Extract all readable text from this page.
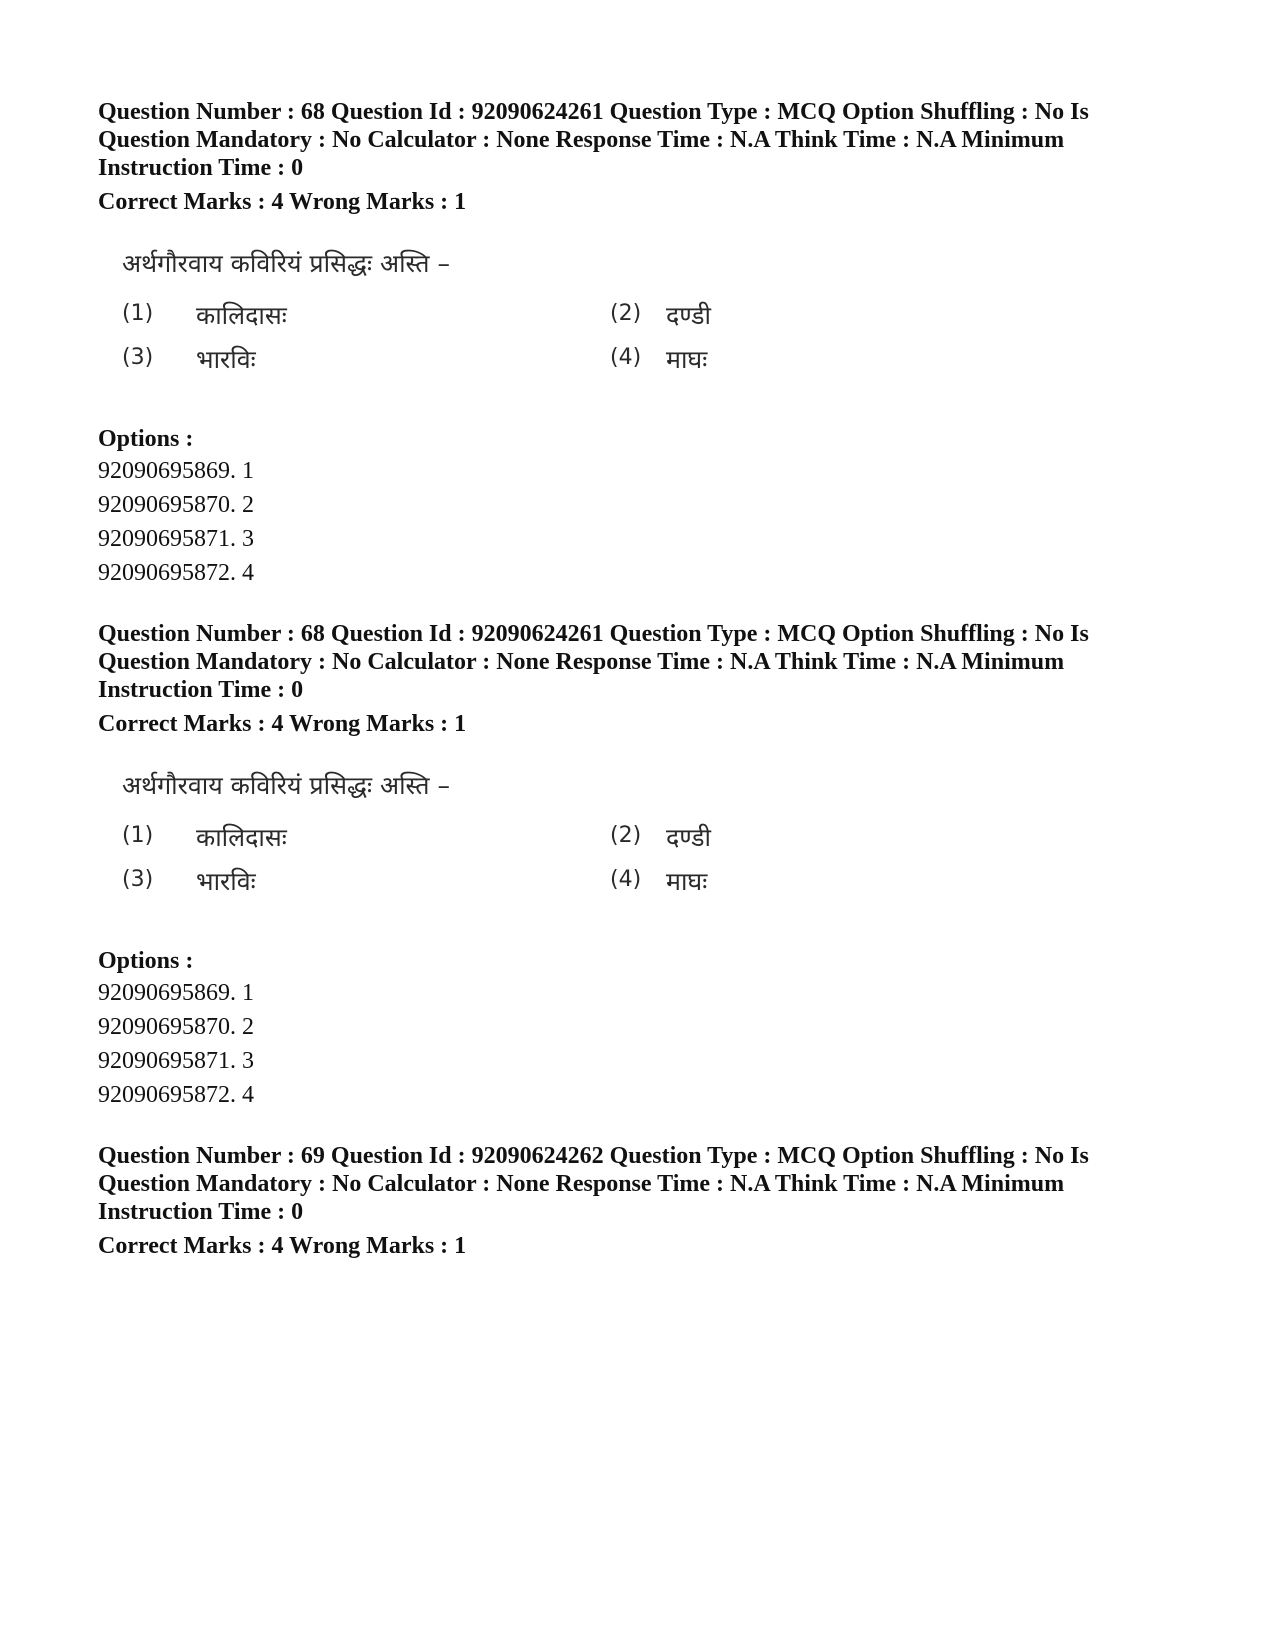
Question Number : 68 Question Id : 92090624261 Question Type : MCQ Option Shuffling : No Is
Question Mandatory : No Calculator : None Response Time : N.A Think Time : N.A Minimum
Instruction Time : 0
Correct Marks : 4 Wrong Marks : 1
अर्थगौरवाय कविरियं प्रसिद्धः अस्ति –
(1) कालिदासः	(2) दण्डी
(3) भारविः	(4) माघः
Options :
92090695869. 1
92090695870. 2
92090695871. 3
92090695872. 4
Question Number : 68 Question Id : 92090624261 Question Type : MCQ Option Shuffling : No Is
Question Mandatory : No Calculator : None Response Time : N.A Think Time : N.A Minimum
Instruction Time : 0
Correct Marks : 4 Wrong Marks : 1
अर्थगौरवाय कविरियं प्रसिद्धः अस्ति –
(1) कालिदासः	(2) दण्डी
(3) भारविः	(4) माघः
Options :
92090695869. 1
92090695870. 2
92090695871. 3
92090695872. 4
Question Number : 69 Question Id : 92090624262 Question Type : MCQ Option Shuffling : No Is
Question Mandatory : No Calculator : None Response Time : N.A Think Time : N.A Minimum
Instruction Time : 0
Correct Marks : 4 Wrong Marks : 1
